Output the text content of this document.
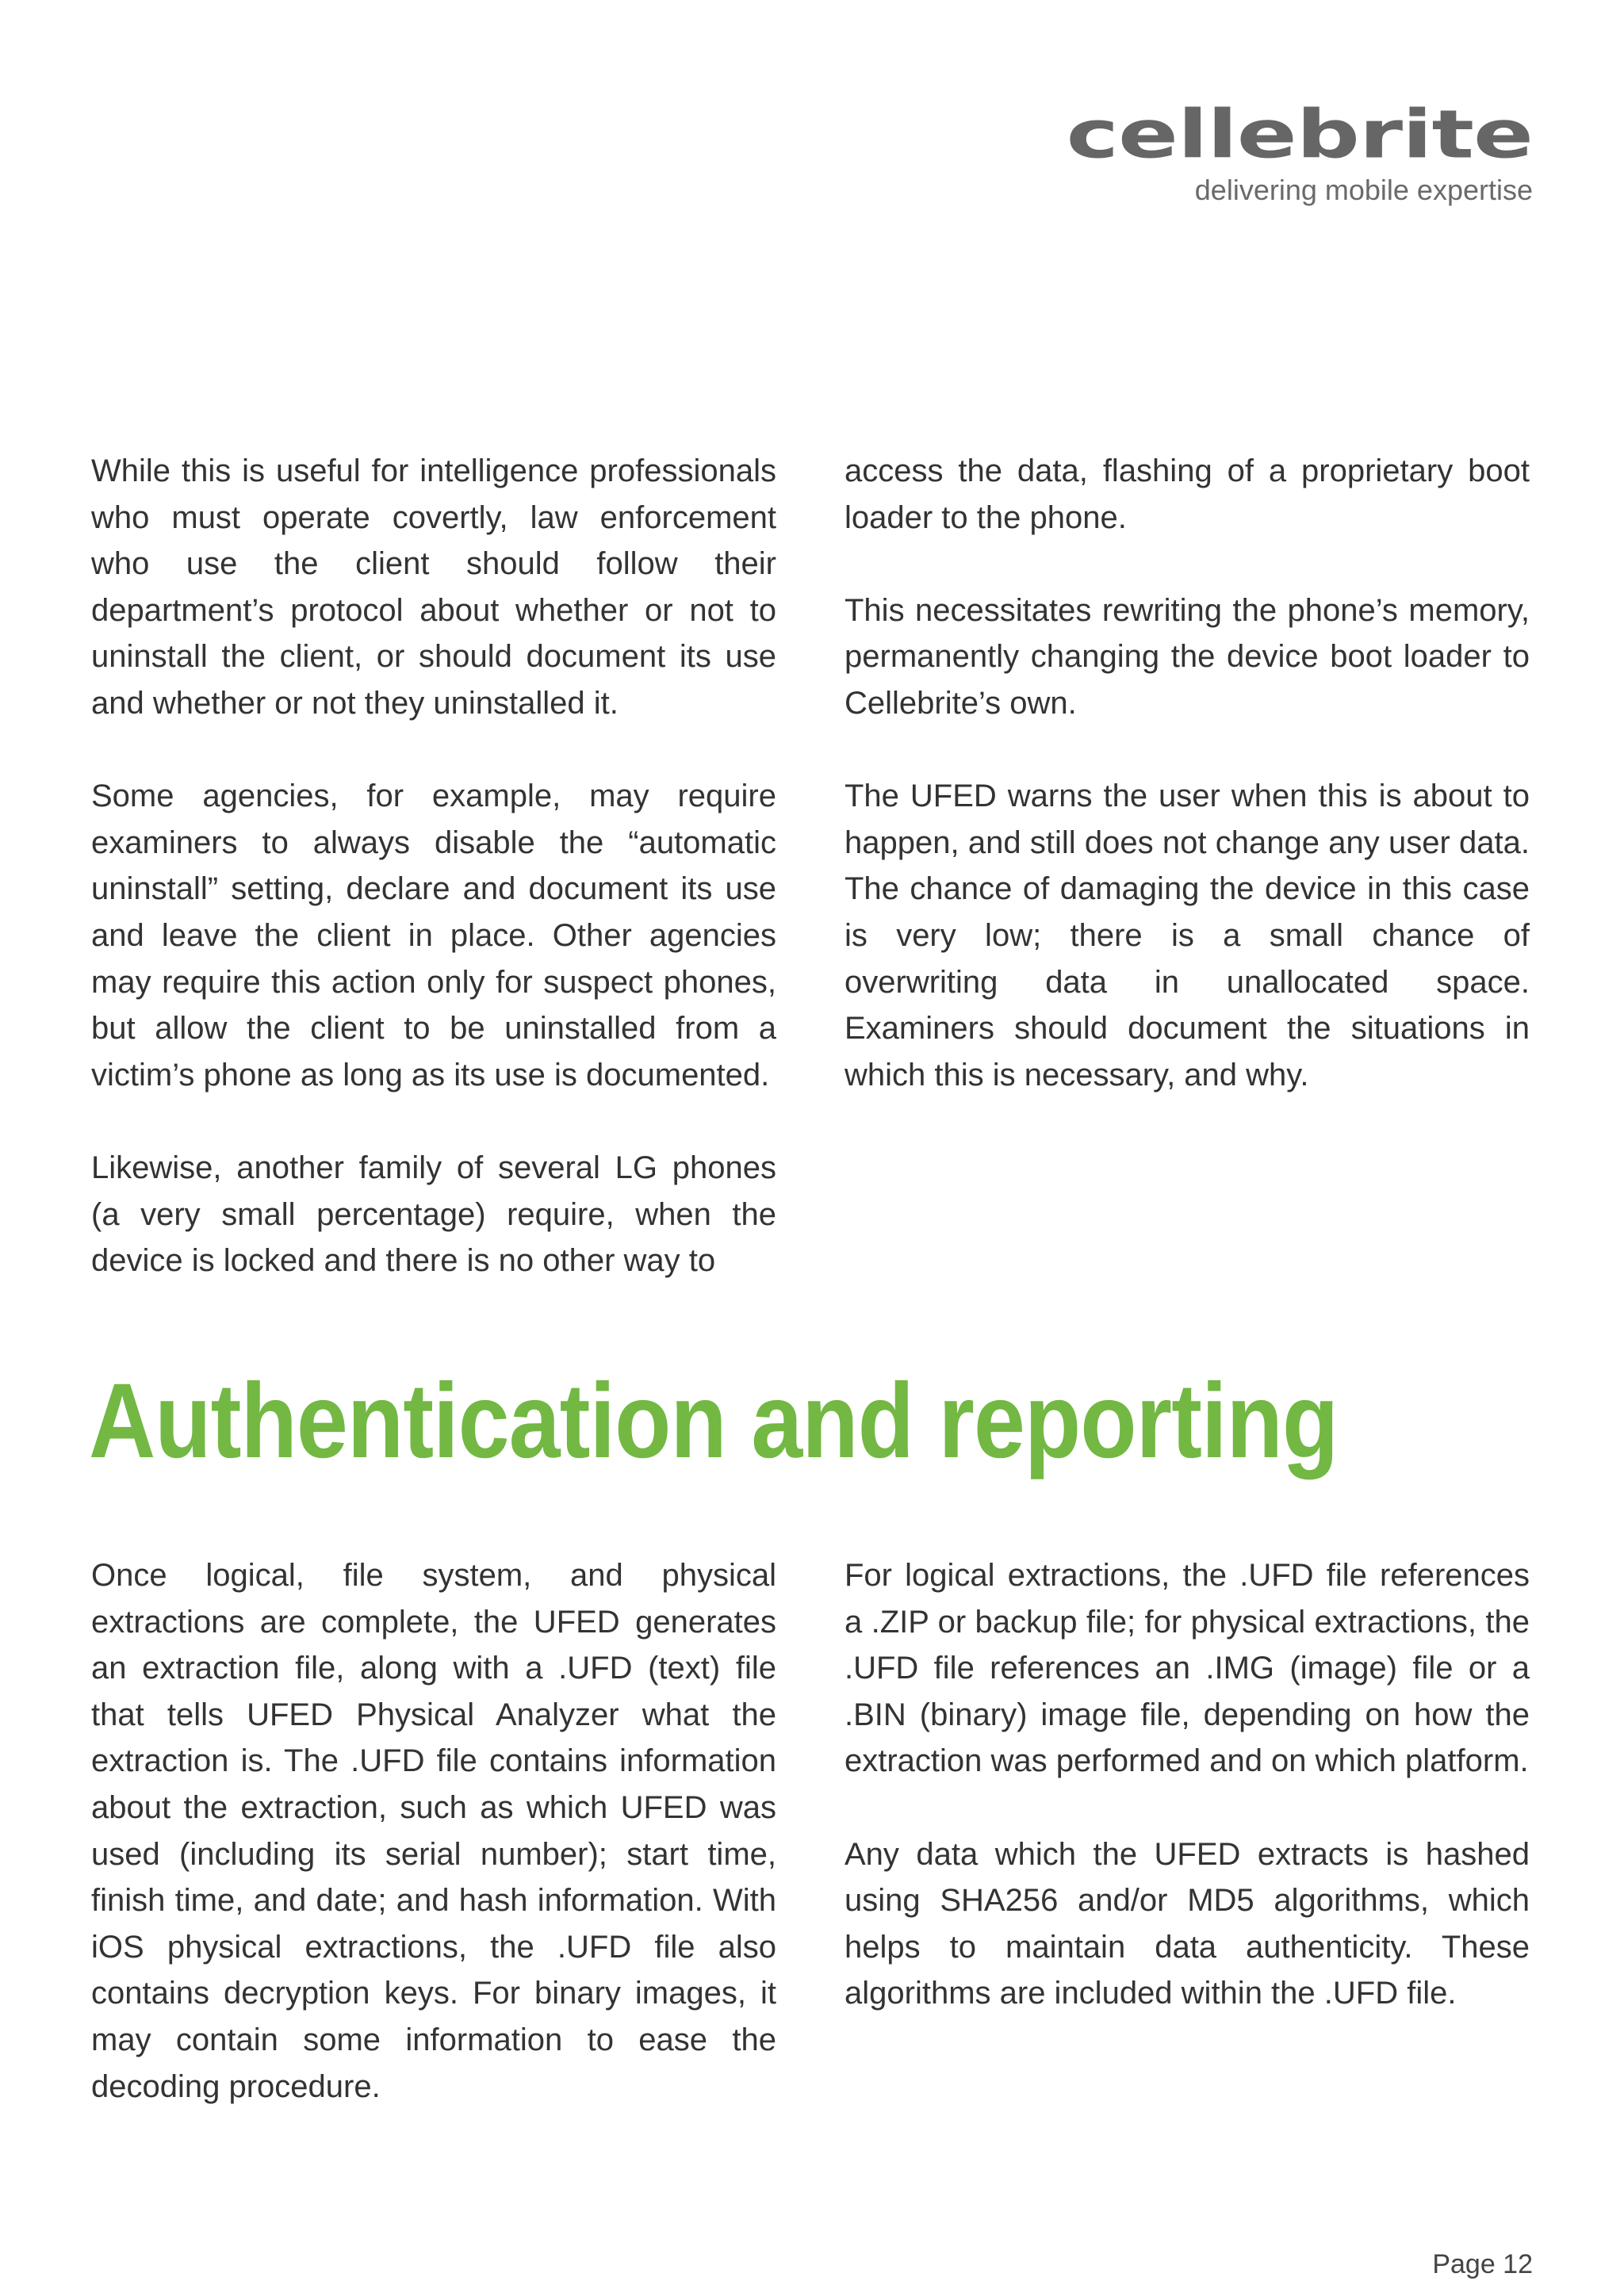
cellebrite
delivering mobile expertise

While this is useful for intelligence professionals who must operate covertly, law enforcement who use the client should follow their department’s protocol about whether or not to uninstall the client, or should document its use and whether or not they uninstalled it.

Some agencies, for example, may require examiners to always disable the “automatic uninstall” setting, declare and document its use and leave the client in place. Other agencies may require this action only for suspect phones, but allow the client to be uninstalled from a victim’s phone as long as its use is documented.

Likewise, another family of several LG phones (a very small percentage) require, when the device is locked and there is no other way to

access the data, flashing of a proprietary boot loader to the phone.

This necessitates rewriting the phone’s memory, permanently changing the device boot loader to Cellebrite’s own.

The UFED warns the user when this is about to happen, and still does not change any user data. The chance of damaging the device in this case is very low; there is a small chance of overwriting data in unallocated space. Examiners should document the situations in which this is necessary, and why.

Authentication and reporting

Once logical, file system, and physical extractions are complete, the UFED generates an extraction file, along with a .UFD (text) file that tells UFED Physical Analyzer what the extraction is. The .UFD file contains information about the extraction, such as which UFED was used (including its serial number); start time, finish time, and date; and hash information. With iOS physical extractions, the .UFD file also contains decryption keys. For binary images, it may contain some information to ease the decoding procedure.

For logical extractions, the .UFD file references a .ZIP or backup file; for physical extractions, the .UFD file references an .IMG (image) file or a .BIN (binary) image file, depending on how the extraction was performed and on which platform.

Any data which the UFED extracts is hashed using SHA256 and/or MD5 algorithms, which helps to maintain data authenticity. These algorithms are included within the .UFD file.

Page 12
